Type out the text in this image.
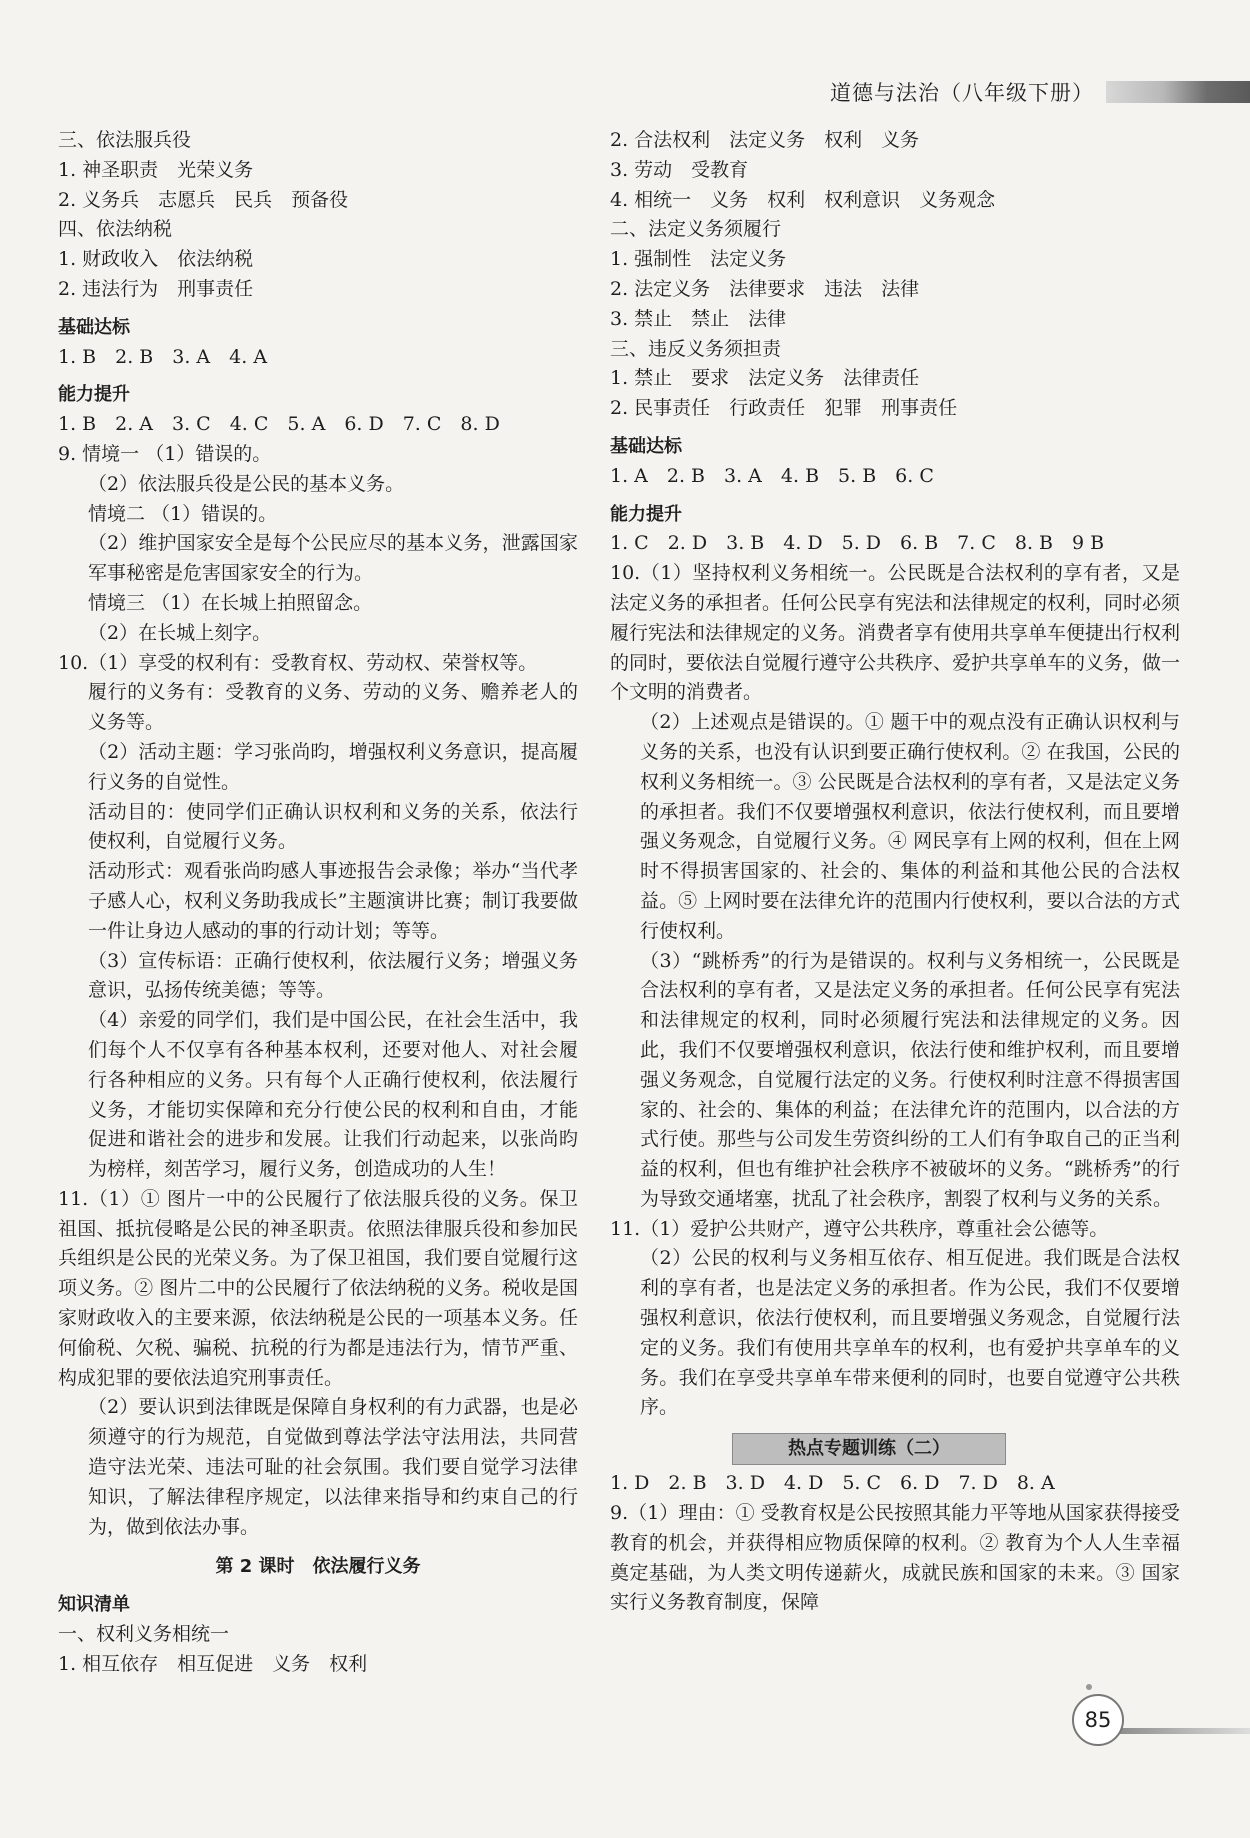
道德与法治（八年级下册）
三、依法服兵役
1. 神圣职责　光荣义务
2. 义务兵　志愿兵　民兵　预备役
四、依法纳税
1. 财政收入　依法纳税
2. 违法行为　刑事责任
基础达标
1. B　2. B　3. A　4. A
能力提升
1. B　2. A　3. C　4. C　5. A　6. D　7. C　8. D
9. 情境一 （1）错误的。
（2）依法服兵役是公民的基本义务。
情境二 （1）错误的。
（2）维护国家安全是每个公民应尽的基本义务，泄露国家军事秘密是危害国家安全的行为。
情境三 （1）在长城上拍照留念。
（2）在长城上刻字。
10.（1）享受的权利有：受教育权、劳动权、荣誉权等。
履行的义务有：受教育的义务、劳动的义务、赡养老人的义务等。
（2）活动主题：学习张尚昀，增强权利义务意识，提高履行义务的自觉性。
活动目的：使同学们正确认识权利和义务的关系，依法行使权利，自觉履行义务。
活动形式：观看张尚昀感人事迹报告会录像；举办“当代孝子感人心，权利义务助我成长”主题演讲比赛；制订我要做一件让身边人感动的事的行动计划；等等。
（3）宣传标语：正确行使权利，依法履行义务；增强义务意识，弘扬传统美德；等等。
（4）亲爱的同学们，我们是中国公民，在社会生活中，我们每个人不仅享有各种基本权利，还要对他人、对社会履行各种相应的义务。只有每个人正确行使权利，依法履行义务，才能切实保障和充分行使公民的权利和自由，才能促进和谐社会的进步和发展。让我们行动起来，以张尚昀为榜样，刻苦学习，履行义务，创造成功的人生！
11.（1）① 图片一中的公民履行了依法服兵役的义务。保卫祖国、抵抗侵略是公民的神圣职责。依照法律服兵役和参加民兵组织是公民的光荣义务。为了保卫祖国，我们要自觉履行这项义务。② 图片二中的公民履行了依法纳税的义务。税收是国家财政收入的主要来源，依法纳税是公民的一项基本义务。任何偷税、欠税、骗税、抗税的行为都是违法行为，情节严重、构成犯罪的要依法追究刑事责任。
（2）要认识到法律既是保障自身权利的有力武器，也是必须遵守的行为规范，自觉做到尊法学法守法用法，共同营造守法光荣、违法可耻的社会氛围。我们要自觉学习法律知识，了解法律程序规定，以法律来指导和约束自己的行为，做到依法办事。
第 2 课时　依法履行义务
知识清单
一、权利义务相统一
1. 相互依存　相互促进　义务　权利
2. 合法权利　法定义务　权利　义务
3. 劳动　受教育
4. 相统一　义务　权利　权利意识　义务观念
二、法定义务须履行
1. 强制性　法定义务
2. 法定义务　法律要求　违法　法律
3. 禁止　禁止　法律
三、违反义务须担责
1. 禁止　要求　法定义务　法律责任
2. 民事责任　行政责任　犯罪　刑事责任
基础达标
1. A　2. B　3. A　4. B　5. B　6. C
能力提升
1. C　2. D　3. B　4. D　5. D　6. B　7. C　8. B　9 B
10.（1）坚持权利义务相统一。公民既是合法权利的享有者，又是法定义务的承担者。任何公民享有宪法和法律规定的权利，同时必须履行宪法和法律规定的义务。消费者享有使用共享单车便捷出行权利的同时，要依法自觉履行遵守公共秩序、爱护共享单车的义务，做一个文明的消费者。
（2）上述观点是错误的。① 题干中的观点没有正确认识权利与义务的关系，也没有认识到要正确行使权利。② 在我国，公民的权利义务相统一。③ 公民既是合法权利的享有者，又是法定义务的承担者。我们不仅要增强权利意识，依法行使权利，而且要增强义务观念，自觉履行义务。④ 网民享有上网的权利，但在上网时不得损害国家的、社会的、集体的利益和其他公民的合法权益。⑤ 上网时要在法律允许的范围内行使权利，要以合法的方式行使权利。
（3）“跳桥秀”的行为是错误的。权利与义务相统一，公民既是合法权利的享有者，又是法定义务的承担者。任何公民享有宪法和法律规定的权利，同时必须履行宪法和法律规定的义务。因此，我们不仅要增强权利意识，依法行使和维护权利，而且要增强义务观念，自觉履行法定的义务。行使权利时注意不得损害国家的、社会的、集体的利益；在法律允许的范围内，以合法的方式行使。那些与公司发生劳资纠纷的工人们有争取自己的正当利益的权利，但也有维护社会秩序不被破坏的义务。“跳桥秀”的行为导致交通堵塞，扰乱了社会秩序，割裂了权利与义务的关系。
11.（1）爱护公共财产，遵守公共秩序，尊重社会公德等。
（2）公民的权利与义务相互依存、相互促进。我们既是合法权利的享有者，也是法定义务的承担者。作为公民，我们不仅要增强权利意识，依法行使权利，而且要增强义务观念，自觉履行法定的义务。我们有使用共享单车的权利，也有爱护共享单车的义务。我们在享受共享单车带来便利的同时，也要自觉遵守公共秩序。
热点专题训练（二）
1. D　2. B　3. D　4. D　5. C　6. D　7. D　8. A
9.（1）理由：① 受教育权是公民按照其能力平等地从国家获得接受教育的机会，并获得相应物质保障的权利。② 教育为个人人生幸福奠定基础，为人类文明传递薪火，成就民族和国家的未来。③ 国家实行义务教育制度，保障
85
